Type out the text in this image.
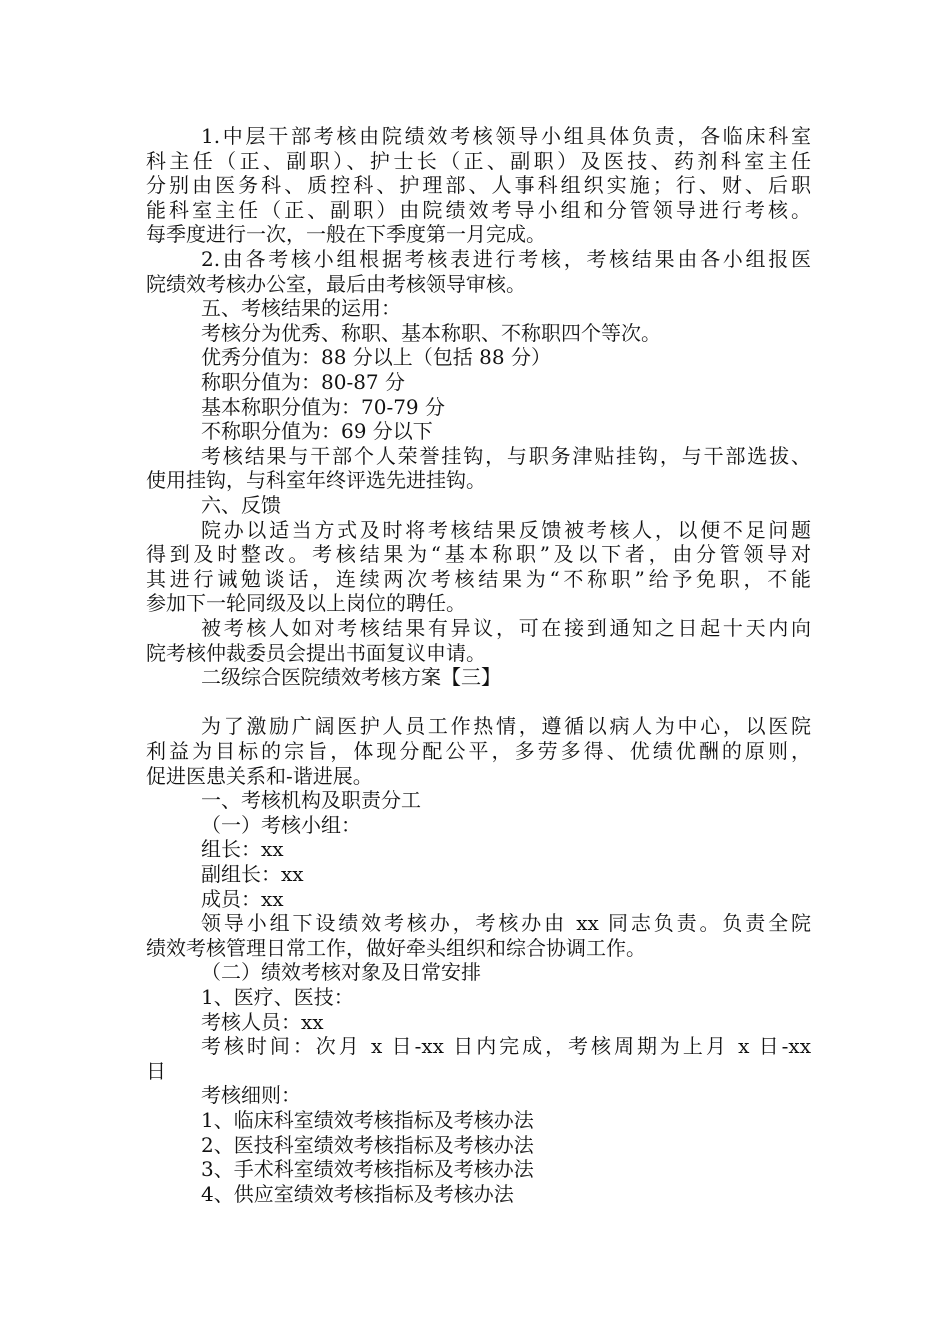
1.中层干部考核由院绩效考核领导小组具体负责，各临床科室
科主任（正、副职）、护士长（正、副职）及医技、药剂科室主任
分别由医务科、质控科、护理部、人事科组织实施；行、财、后职
能科室主任（正、副职）由院绩效考导小组和分管领导进行考核。
每季度进行一次，一般在下季度第一月完成。
2.由各考核小组根据考核表进行考核，考核结果由各小组报医
院绩效考核办公室，最后由考核领导审核。
五、考核结果的运用：
考核分为优秀、称职、基本称职、不称职四个等次。
优秀分值为：88 分以上（包括 88 分）
称职分值为：80-87 分
基本称职分值为：70-79 分
不称职分值为：69 分以下
考核结果与干部个人荣誉挂钩，与职务津贴挂钩，与干部选拔、
使用挂钩，与科室年终评选先进挂钩。
六、反馈
院办以适当方式及时将考核结果反馈被考核人，以便不足问题
得到及时整改。考核结果为“基本称职”及以下者，由分管领导对
其进行诫勉谈话，连续两次考核结果为“不称职”给予免职，不能
参加下一轮同级及以上岗位的聘任。
被考核人如对考核结果有异议，可在接到通知之日起十天内向
院考核仲裁委员会提出书面复议申请。
二级综合医院绩效考核方案【三】
为了激励广阔医护人员工作热情，遵循以病人为中心，以医院
利益为目标的宗旨，体现分配公平，多劳多得、优绩优酬的原则，
促进医患关系和-谐进展。
一、考核机构及职责分工
（一）考核小组：
组长：xx
副组长：xx
成员：xx
领导小组下设绩效考核办，考核办由 xx 同志负责。负责全院
绩效考核管理日常工作，做好牵头组织和综合协调工作。
（二）绩效考核对象及日常安排
1、医疗、医技：
考核人员：xx
考核时间：次月 x 日-xx 日内完成，考核周期为上月 x 日-xx
日
考核细则：
1、临床科室绩效考核指标及考核办法
2、医技科室绩效考核指标及考核办法
3、手术科室绩效考核指标及考核办法
4、供应室绩效考核指标及考核办法
